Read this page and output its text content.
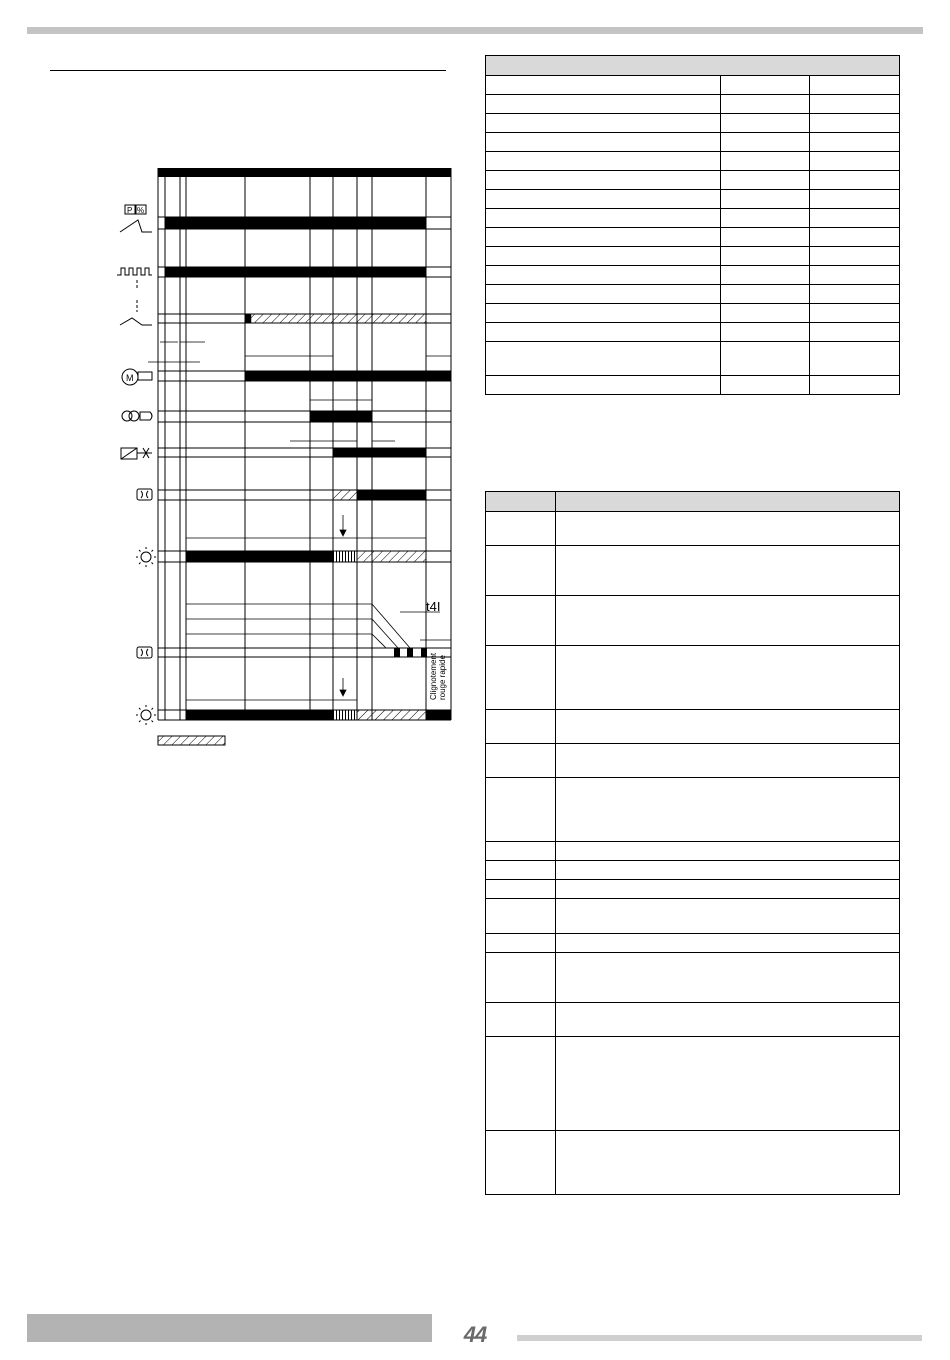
t4I
Clignotement rouge rapide
P %
M

44
